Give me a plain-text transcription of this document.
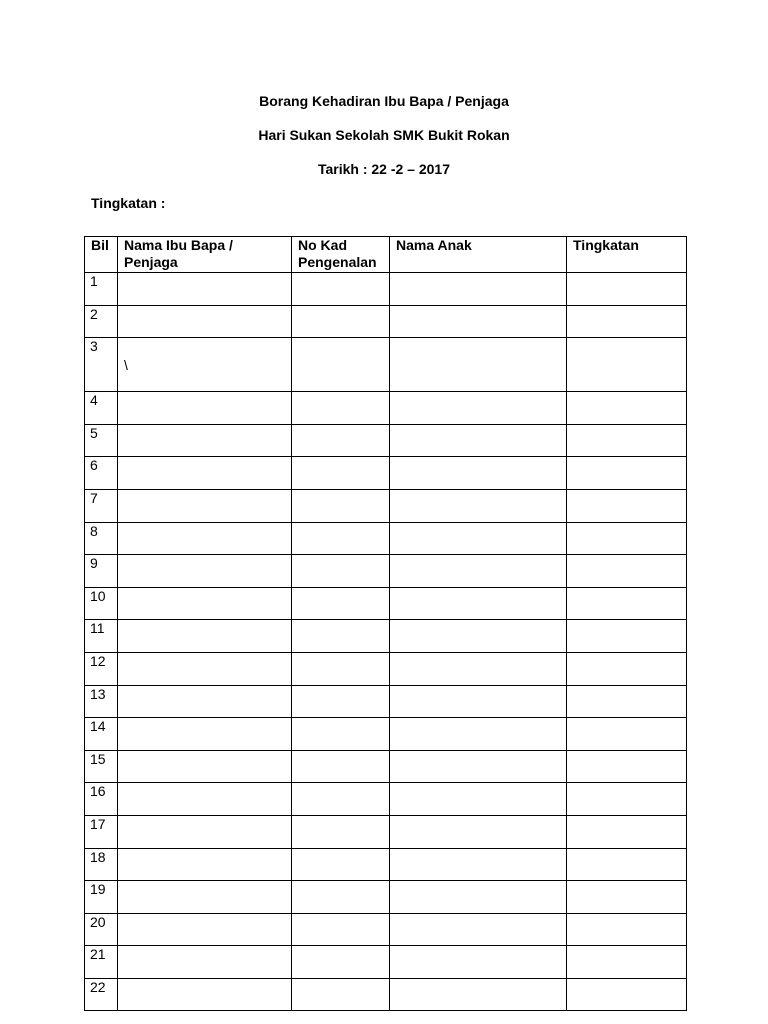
Borang Kehadiran Ibu Bapa / Penjaga
Hari Sukan Sekolah SMK Bukit Rokan
Tarikh : 22 -2 – 2017
Tingkatan :
Bil	Nama Ibu Bapa / Penjaga	No Kad Pengenalan	Nama Anak	Tingkatan
1				
2				
3	\			

4				
5				
6				
7				
8				
9				
10				
11				
12				
13				
14				
15				
16				
17				
18				
19				
20				
21				
22				
